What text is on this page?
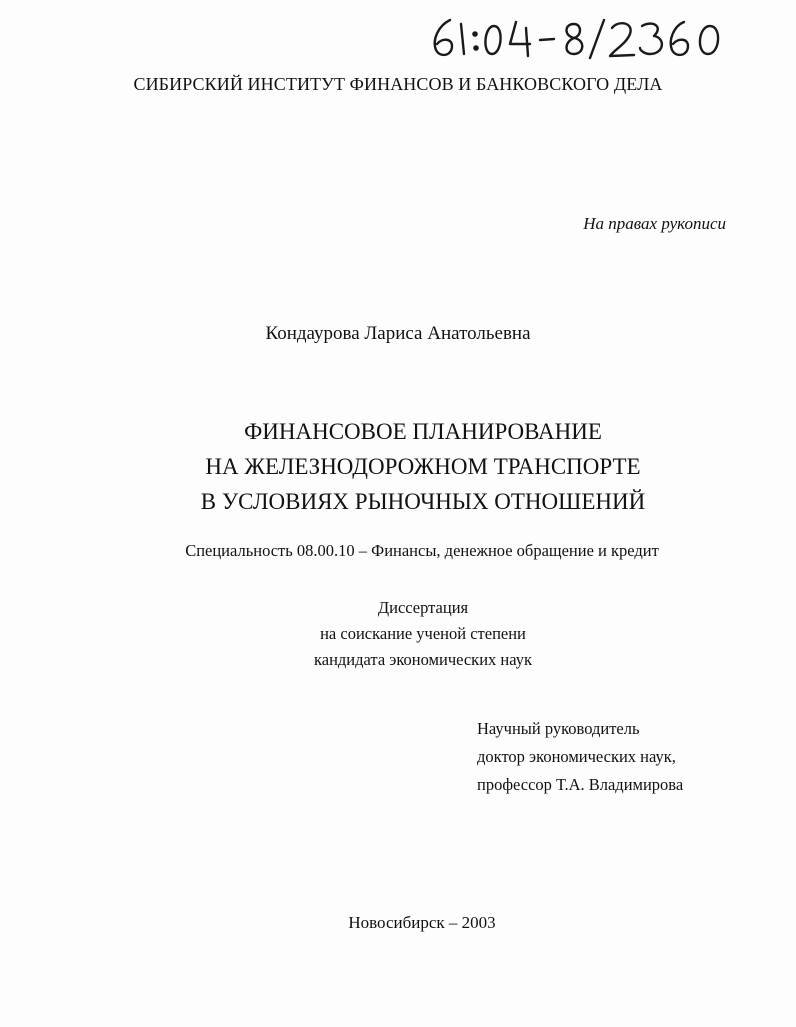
СИБИРСКИЙ ИНСТИТУТ ФИНАНСОВ И БАНКОВСКОГО ДЕЛА
На правах рукописи
Кондаурова Лариса Анатольевна
ФИНАНСОВОЕ ПЛАНИРОВАНИЕ
НА ЖЕЛЕЗНОДОРОЖНОМ ТРАНСПОРТЕ
В УСЛОВИЯХ РЫНОЧНЫХ ОТНОШЕНИЙ
Специальность 08.00.10 – Финансы, денежное обращение и кредит
Диссертация
на соискание ученой степени
кандидата экономических наук
Научный руководитель
доктор экономических наук,
профессор Т.А. Владимирова
Новосибирск – 2003
